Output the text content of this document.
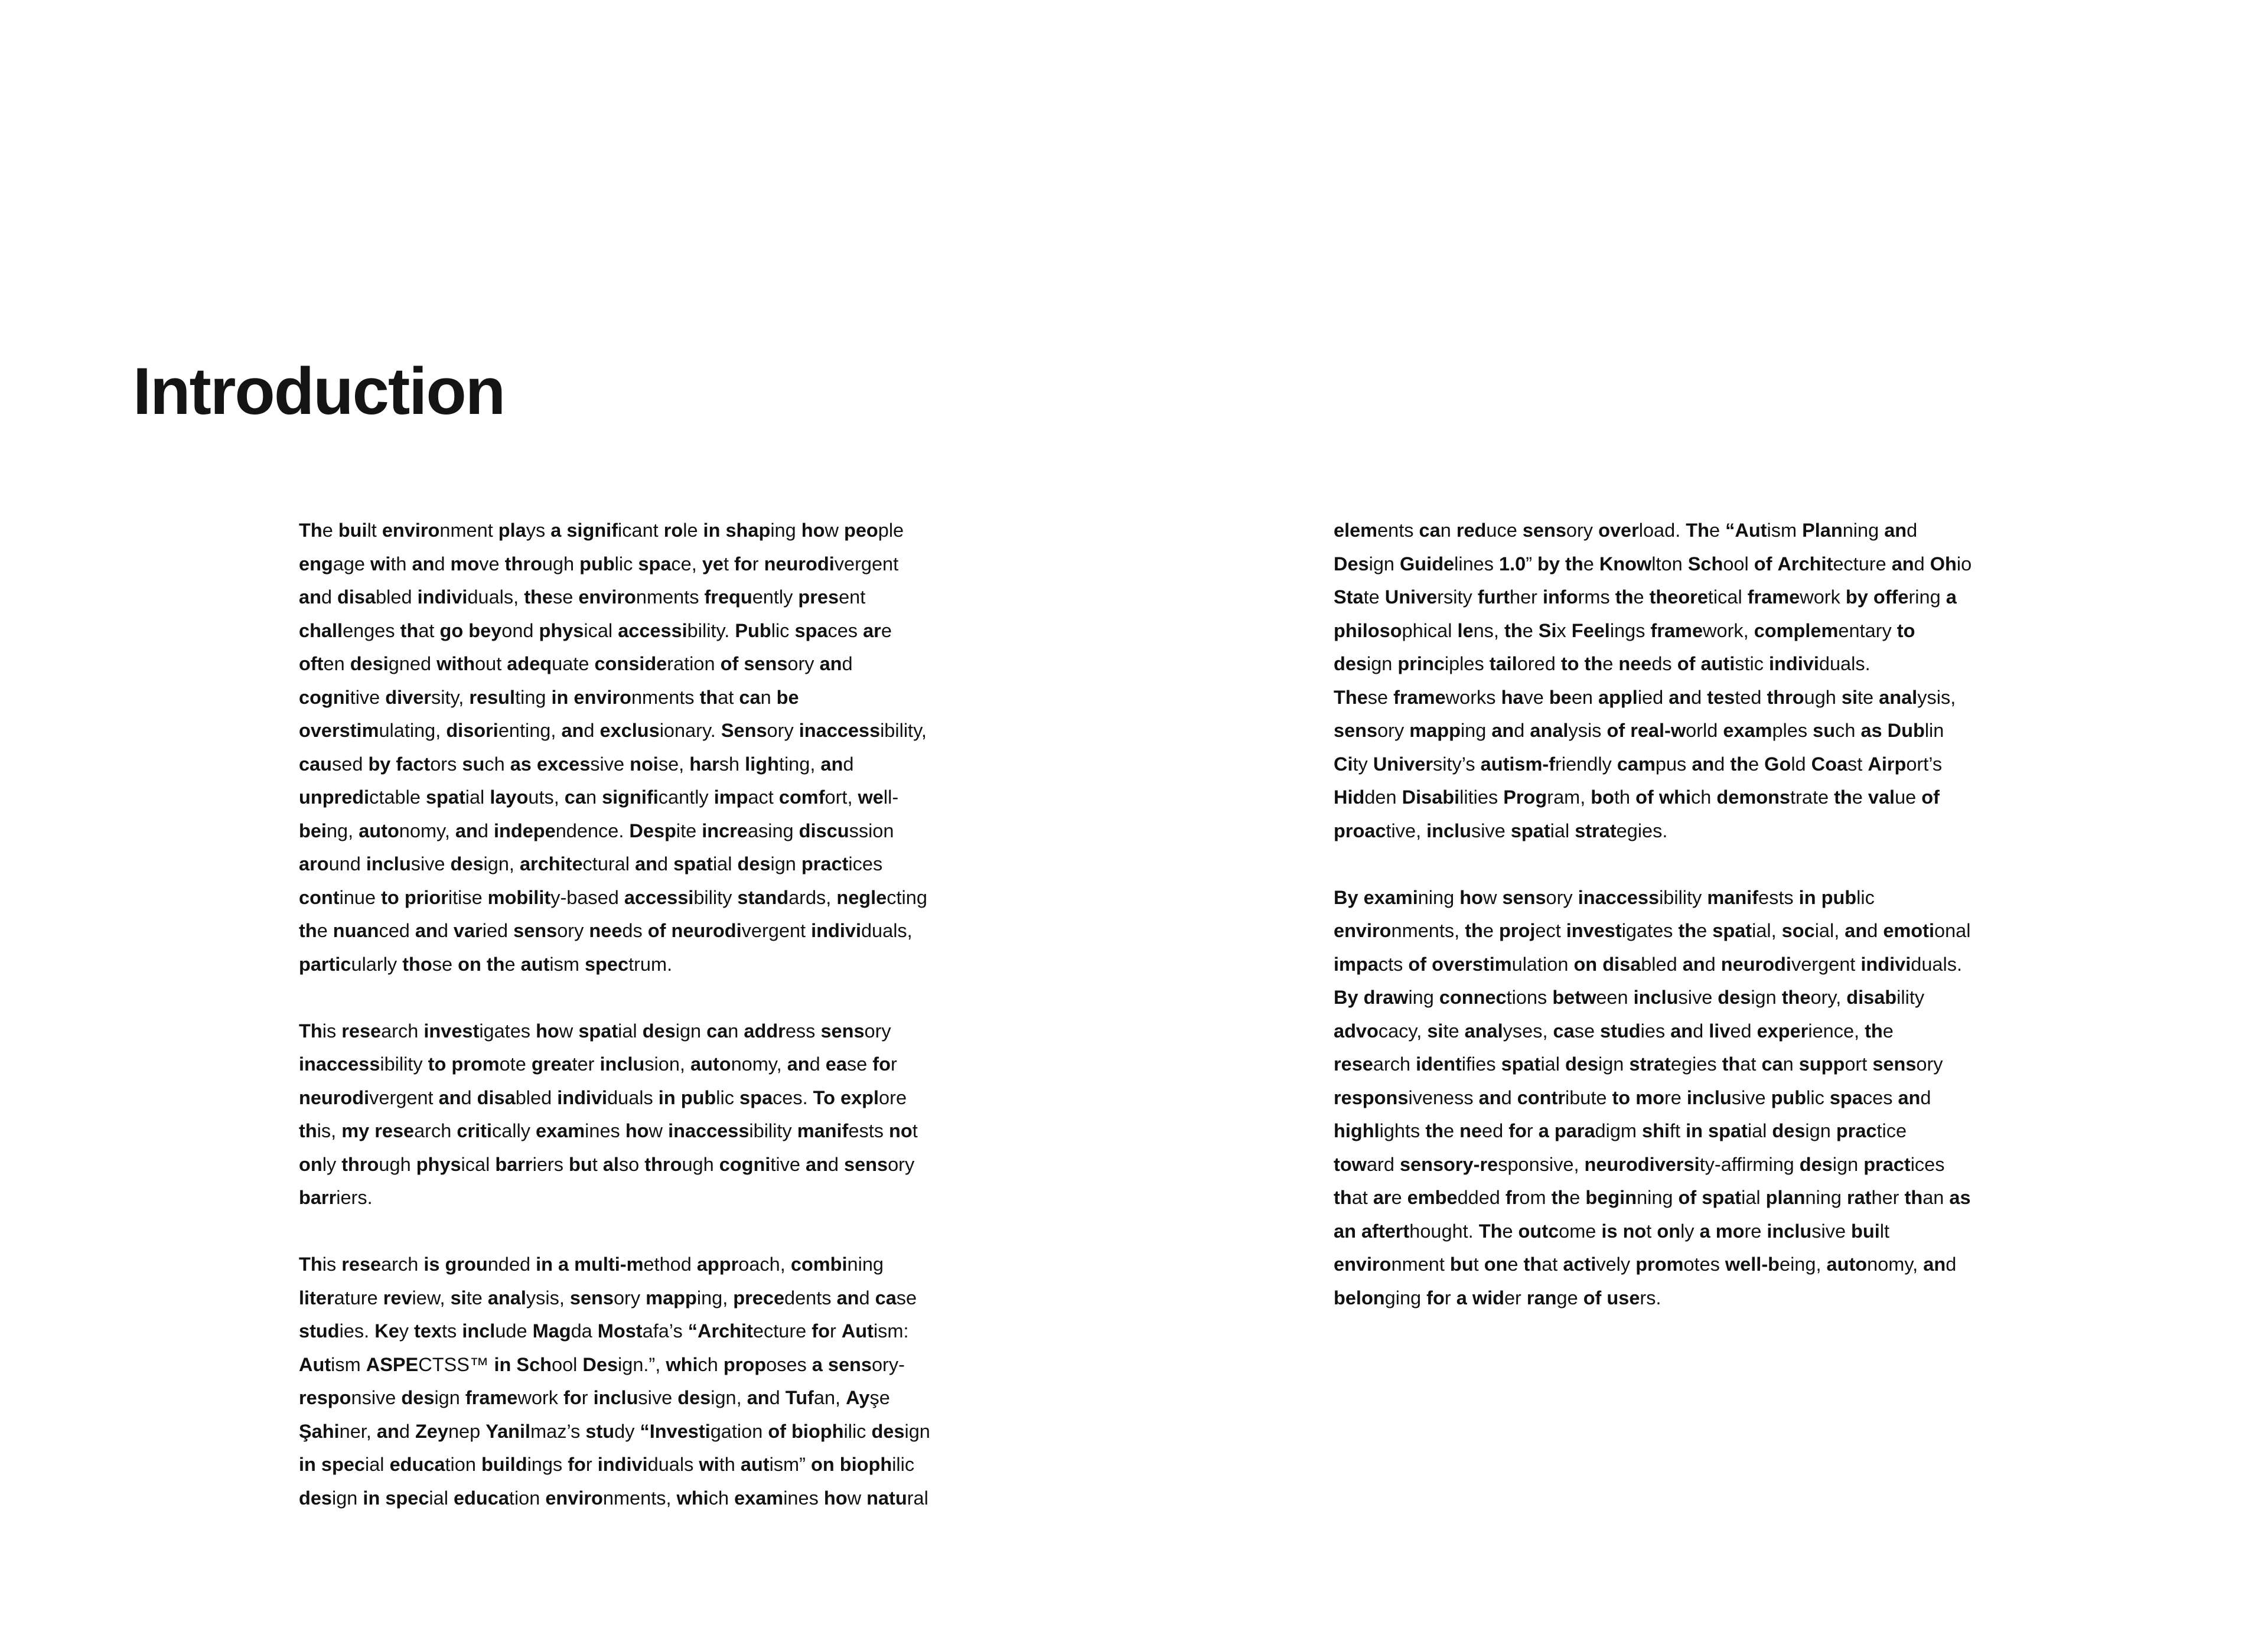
Introduction

The built environment plays a significant role in shaping how people
engage with and move through public space, yet for neurodivergent
and disabled individuals, these environments frequently present
challenges that go beyond physical accessibility. Public spaces are
often designed without adequate consideration of sensory and
cognitive diversity, resulting in environments that can be
overstimulating, disorienting, and exclusionary. Sensory inaccessibility,
caused by factors such as excessive noise, harsh lighting, and
unpredictable spatial layouts, can significantly impact comfort, well-
being, autonomy, and independence. Despite increasing discussion
around inclusive design, architectural and spatial design practices
continue to prioritise mobility-based accessibility standards, neglecting
the nuanced and varied sensory needs of neurodivergent individuals,
particularly those on the autism spectrum.

This research investigates how spatial design can address sensory
inaccessibility to promote greater inclusion, autonomy, and ease for
neurodivergent and disabled individuals in public spaces. To explore
this, my research critically examines how inaccessibility manifests not
only through physical barriers but also through cognitive and sensory
barriers.

This research is grounded in a multi-method approach, combining
literature review, site analysis, sensory mapping, precedents and case
studies. Key texts include Magda Mostafa’s “Architecture for Autism:
Autism ASPECTSS™ in School Design.”, which proposes a sensory-
responsive design framework for inclusive design, and Tufan, Ayşe
Şahiner, and Zeynep Yanilmaz’s study “Investigation of biophilic design
in special education buildings for individuals with autism” on biophilic
design in special education environments, which examines how natural

elements can reduce sensory overload. The “Autism Planning and
Design Guidelines 1.0” by the Knowlton School of Architecture and Ohio
State University further informs the theoretical framework by offering a
philosophical lens, the Six Feelings framework, complementary to
design principles tailored to the needs of autistic individuals.
These frameworks have been applied and tested through site analysis,
sensory mapping and analysis of real-world examples such as Dublin
City University’s autism-friendly campus and the Gold Coast Airport’s
Hidden Disabilities Program, both of which demonstrate the value of
proactive, inclusive spatial strategies.

By examining how sensory inaccessibility manifests in public
environments, the project investigates the spatial, social, and emotional
impacts of overstimulation on disabled and neurodivergent individuals.
By drawing connections between inclusive design theory, disability
advocacy, site analyses, case studies and lived experience, the
research identifies spatial design strategies that can support sensory
responsiveness and contribute to more inclusive public spaces and
highlights the need for a paradigm shift in spatial design practice
toward sensory-responsive, neurodiversity-affirming design practices
that are embedded from the beginning of spatial planning rather than as
an afterthought. The outcome is not only a more inclusive built
environment but one that actively promotes well-being, autonomy, and
belonging for a wider range of users.
